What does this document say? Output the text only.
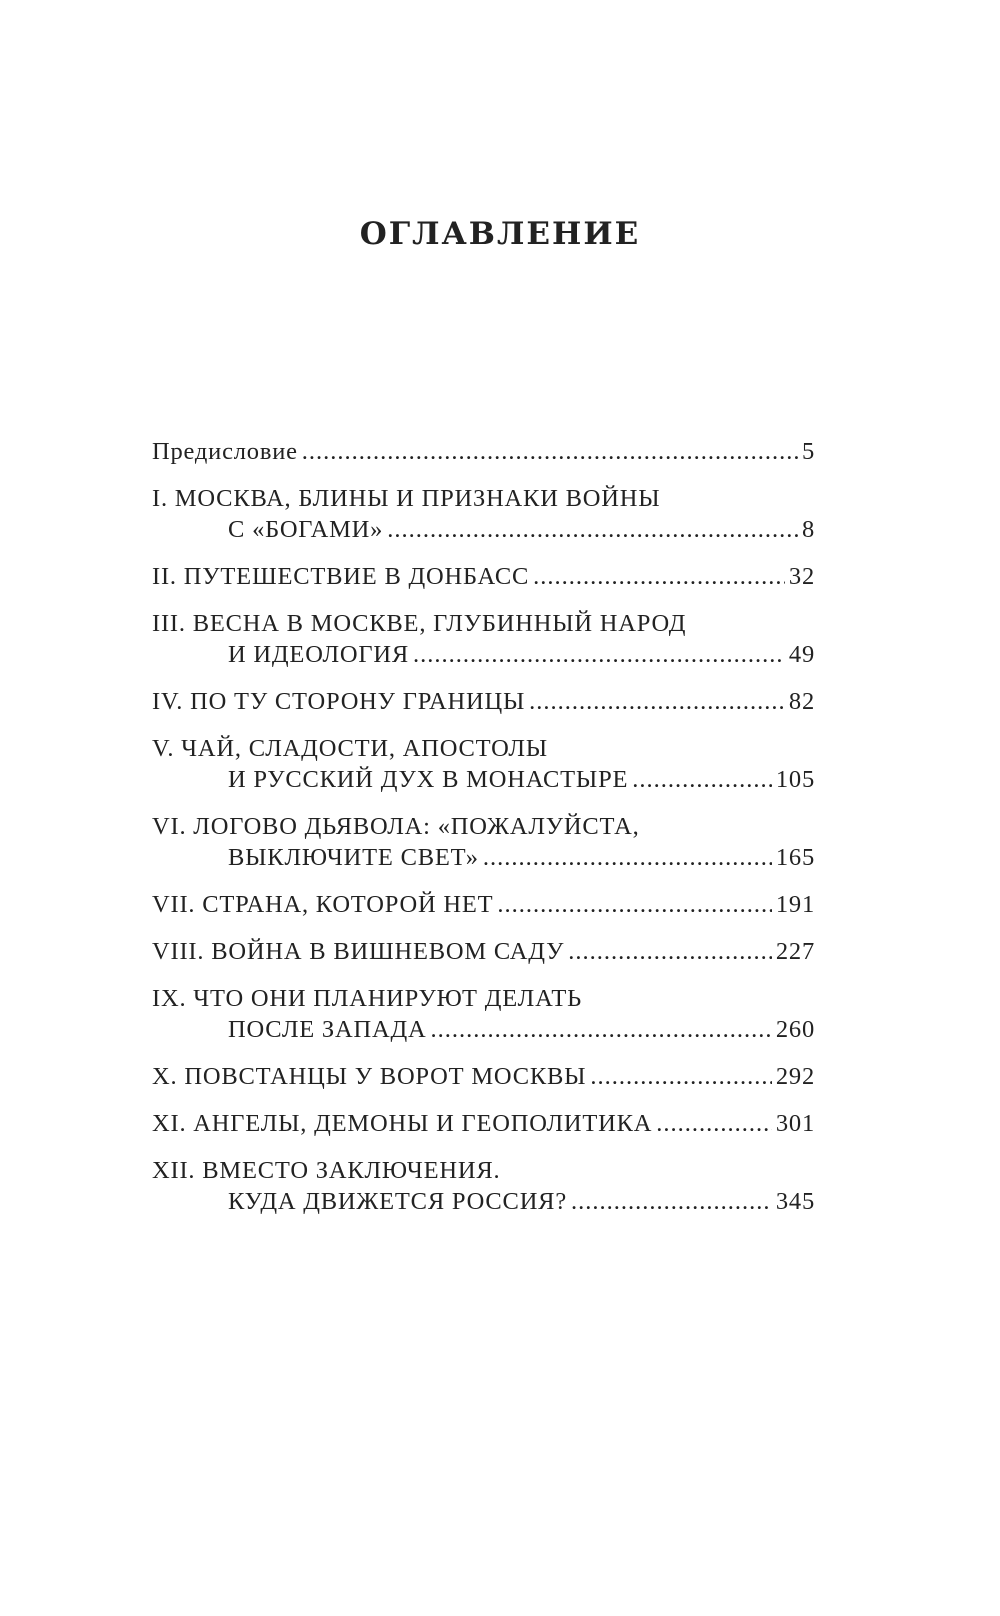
ОГЛАВЛЕНИЕ
Предисловие .....	5
I. МОСКВА, БЛИНЫ И ПРИЗНАКИ ВОЙНЫ
С «БОГАМИ» .....	8
II. ПУТЕШЕСТВИЕ В ДОНБАСС .....	32
III. ВЕСНА В МОСКВЕ, ГЛУБИННЫЙ НАРОД
И ИДЕОЛОГИЯ .....	49
IV. ПО ТУ СТОРОНУ ГРАНИЦЫ .....	82
V. ЧАЙ, СЛАДОСТИ, АПОСТОЛЫ
И РУССКИЙ ДУХ В МОНАСТЫРЕ .....	105
VI. ЛОГОВО ДЬЯВОЛА: «ПОЖАЛУЙСТА,
ВЫКЛЮЧИТЕ СВЕТ» .....	165
VII. СТРАНА, КОТОРОЙ НЕТ .....	191
VIII. ВОЙНА В ВИШНЕВОМ САДУ .....	227
IX. ЧТО ОНИ ПЛАНИРУЮТ ДЕЛАТЬ
ПОСЛЕ ЗАПАДА .....	260
X. ПОВСТАНЦЫ У ВОРОТ МОСКВЫ .....	292
XI. АНГЕЛЫ, ДЕМОНЫ И ГЕОПОЛИТИКА .....	301
XII. ВМЕСТО ЗАКЛЮЧЕНИЯ.
КУДА ДВИЖЕТСЯ РОССИЯ? .....	345
